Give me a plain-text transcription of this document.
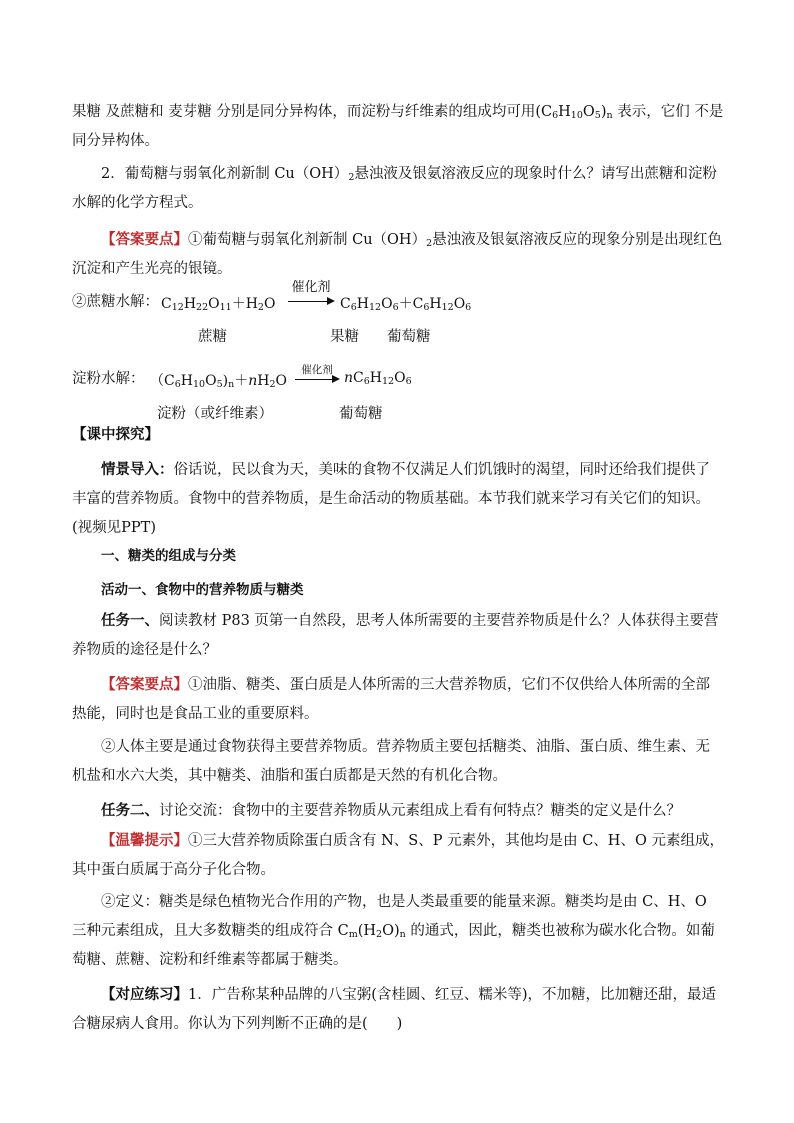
果糖 及蔗糖和 麦芽糖 分别是同分异构体，而淀粉与纤维素的组成均可用$(C_6H_{10}O_5)_n$ 表示，它们 不是 同分异构体。

2．葡萄糖与弱氧化剂新制 $Cu(OH)_2$悬浊液及银氨溶液反应的现象时什么？请写出蔗糖和淀粉水解的化学方程式。

【答案要点】①葡萄糖与弱氧化剂新制 $Cu(OH)_2$悬浊液及银氨溶液反应的现象分别是出现红色沉淀和产生光亮的银镜。

②蔗糖水解： $C_{12}H_{22}O_{11}+H_2O$
催化剂
$C_6H_{12}O_6+C_6H_{12}O_6$
蔗糖	果糖 葡萄糖
淀粉水解： $(C_6H_{10}O_5)_n+nH_2O$
催化剂 $nC_6H_{12}O_6$
淀粉（或纤维素）	葡萄糖
【课中探究】

情景导入：俗话说，民以食为天，美味的食物不仅满足人们饥饿时的渴望，同时还给我们提供了丰富的营养物质。食物中的营养物质，是生命活动的物质基础。本节我们就来学习有关它们的知识。(视频见PPT)

一、糖类的组成与分类
活动一、食物中的营养物质与糖类

任务一、阅读教材 P83 页第一自然段，思考人体所需要的主要营养物质是什么？人体获得主要营养物质的途径是什么？

【答案要点】①油脂、糖类、蛋白质是人体所需的三大营养物质，它们不仅供给人体所需的全部热能，同时也是食品工业的重要原料。

②人体主要是通过食物获得主要营养物质。营养物质主要包括糖类、油脂、蛋白质、维生素、无机盐和水六大类，其中糖类、油脂和蛋白质都是天然的有机化合物。

任务二、讨论交流：食物中的主要营养物质从元素组成上看有何特点？糖类的定义是什么？

【温馨提示】①三大营养物质除蛋白质含有 N、S、P 元素外，其他均是由 C、H、O 元素组成，其中蛋白质属于高分子化合物。

②定义：糖类是绿色植物光合作用的产物，也是人类最重要的能量来源。糖类均是由 C、H、O 三种元素组成，且大多数糖类的组成符合 $C_m(H_2O)_n$ 的通式，因此，糖类也被称为碳水化合物。如葡萄糖、蔗糖、淀粉和纤维素等都属于糖类。

【对应练习】1．广告称某种品牌的八宝粥(含桂圆、红豆、糯米等)，不加糖，比加糖还甜，最适合糖尿病人食用。你认为下列判断不正确的是(　　)
